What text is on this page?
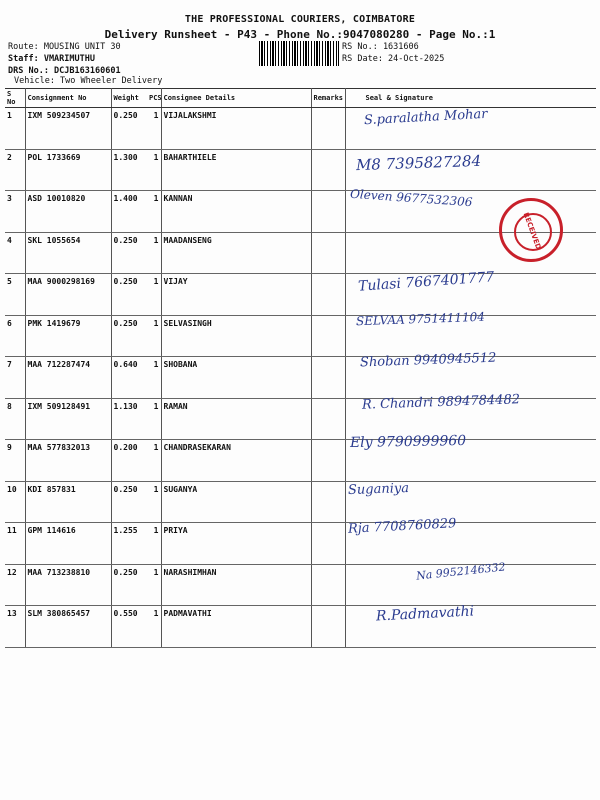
THE PROFESSIONAL COURIERS, COIMBATORE
Delivery Runsheet - P43 - Phone No.:9047080280 - Page No.:1
Route: MOUSING UNIT 30
Staff: VMARIMUTHU
DRS No.: DCJB163160601
RS No.: 1631606
RS Date: 24-Oct-2025
Vehicle: Two Wheeler Delivery
S No	Consignment No	Weight	PCS	Consignee Details	Remarks	Seal & Signature
1	IXM 509234507	0.250	1	VIJALAKSHMI		S.paralatha Mohar

2	POL 1733669	1.300	1	BAHARTHIELE		M8 7395827284

3	ASD 10010820	1.400	1	KANNAN		Oleven 9677532306

4	SKL 1055654	0.250	1	MAADANSENG		

5	MAA 9000298169	0.250	1	VIJAY		Tulasi 7667401777

6	PMK 1419679	0.250	1	SELVASINGH		SELVAA 9751411104

7	MAA 712287474	0.640	1	SHOBANA		Shoban 9940945512

8	IXM 509128491	1.130	1	RAMAN		R. Chandri 9894784482

9	MAA 577832013	0.200	1	CHANDRASEKARAN		Ely 9790999960

10	KDI 857831	0.250	1	SUGANYA		Suganiya

11	GPM 114616	1.255	1	PRIYA		Rja 7708760829

12	MAA 713238810	0.250	1	NARASHIMHAN		Na 9952146332

13	SLM 380865457	0.550	1	PADMAVATHI		R.Padmavathi
RECEIVED
